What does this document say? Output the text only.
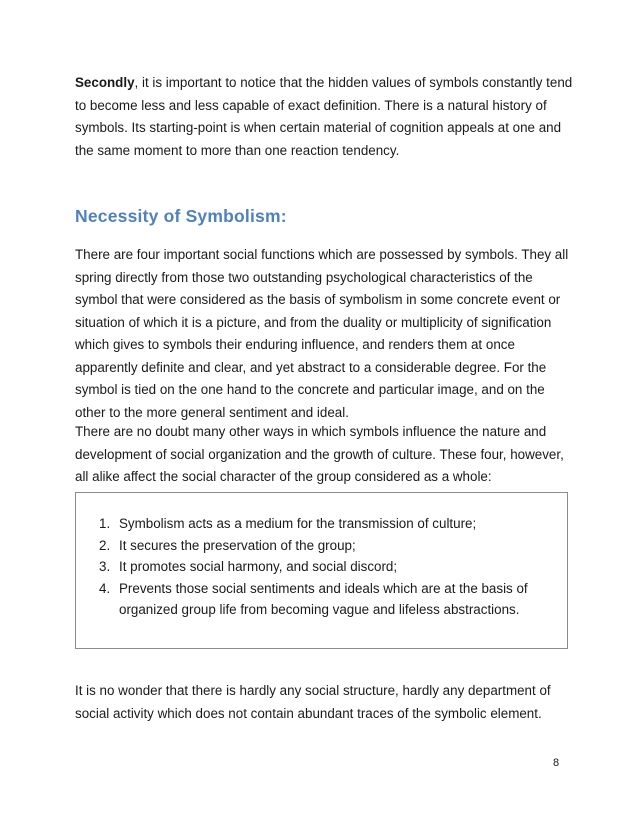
Secondly, it is important to notice that the hidden values of symbols constantly tend to become less and less capable of exact definition. There is a natural history of symbols. Its starting-point is when certain material of cognition appeals at one and the same moment to more than one reaction tendency.

Necessity of Symbolism:

There are four important social functions which are possessed by symbols. They all spring directly from those two outstanding psychological characteristics of the symbol that were considered as the basis of symbolism in some concrete event or situation of which it is a picture, and from the duality or multiplicity of signification which gives to symbols their enduring influence, and renders them at once apparently definite and clear, and yet abstract to a considerable degree. For the symbol is tied on the one hand to the concrete and particular image, and on the other to the more general sentiment and ideal.

There are no doubt many other ways in which symbols influence the nature and development of social organization and the growth of culture. These four, however, all alike affect the social character of the group considered as a whole:

1. Symbolism acts as a medium for the transmission of culture;
2. It secures the preservation of the group;
3. It promotes social harmony, and social discord;
4. Prevents those social sentiments and ideals which are at the basis of organized group life from becoming vague and lifeless abstractions.

It is no wonder that there is hardly any social structure, hardly any department of social activity which does not contain abundant traces of the symbolic element.

8
